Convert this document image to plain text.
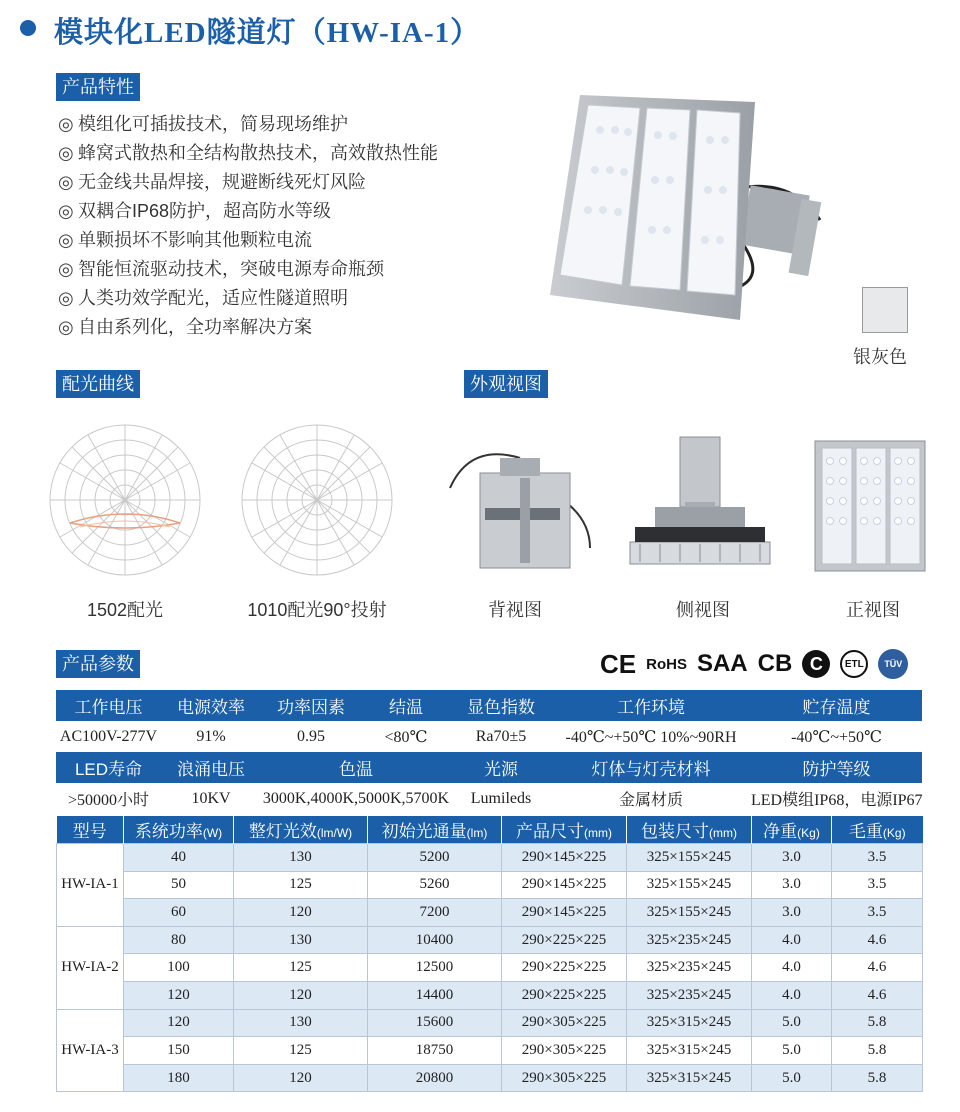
模块化LED隧道灯（HW-IA-1）
产品特性
◎ 模组化可插拔技术，简易现场维护
◎ 蜂窝式散热和全结构散热技术，高效散热性能
◎ 无金线共晶焊接，规避断线死灯风险
◎ 双耦合IP68防护，超高防水等级
◎ 单颗损坏不影响其他颗粒电流
◎ 智能恒流驱动技术，突破电源寿命瓶颈
◎ 人类功效学配光，适应性隧道照明
◎ 自由系列化，全功率解决方案
银灰色
配光曲线
1502配光	1010配光90°投射
外观视图
背视图	侧视图	正视图
产品参数	CE RoHS SAA CB C	ETL	TÜV
工作电压	电源效率	功率因素	结温	显色指数	工作环境	贮存温度
AC100V-277V	91%	0.95	<80℃	Ra70±5	-40℃~+50℃ 10%~90RH	-40℃~+50℃
LED寿命	浪涌电压	色温		光源	灯体与灯壳材料	防护等级
>50000小时	10KV	3000K,4000K,5000K,5700K		Lumileds	金属材质	LED模组IP68，电源IP67
型号	系统功率(W)	整灯光效(lm/W)	初始光通量(lm)	产品尺寸(mm)	包装尺寸(mm)	净重(Kg)	毛重(Kg)
HW-IA-1	40	130	5200	290×145×225	325×155×245	3.0	3.5
	50	125	5260	290×145×225	325×155×245	3.0	3.5
	60	120	7200	290×145×225	325×155×245	3.0	3.5
HW-IA-2	80	130	10400	290×225×225	325×235×245	4.0	4.6
	100	125	12500	290×225×225	325×235×245	4.0	4.6
	120	120	14400	290×225×225	325×235×245	4.0	4.6
HW-IA-3	120	130	15600	290×305×225	325×315×245	5.0	5.8
	150	125	18750	290×305×225	325×315×245	5.0	5.8
	180	120	20800	290×305×225	325×315×245	5.0	5.8
